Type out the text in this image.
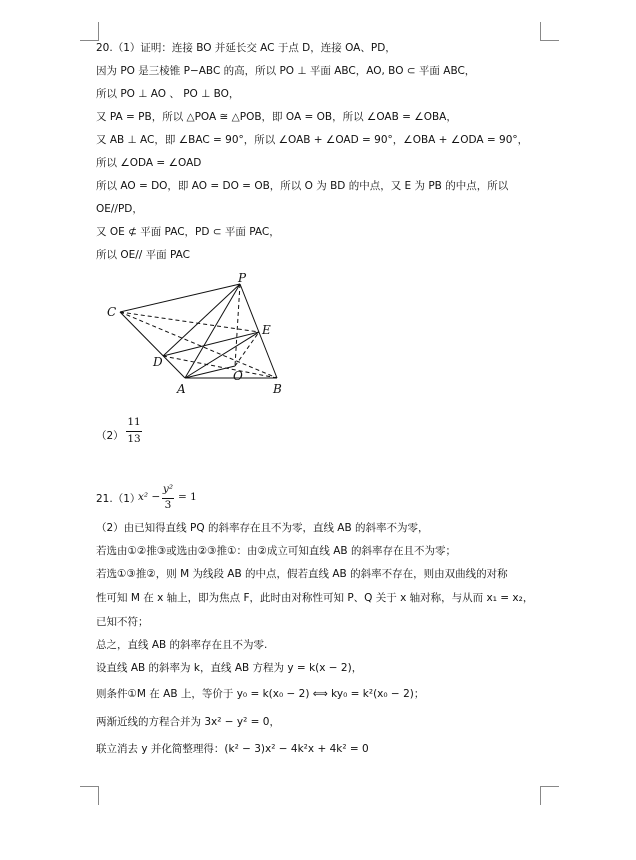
20.（1）证明：连接 BO 并延长交 AC 于点 D，连接 OA、PD，
因为 PO 是三棱锥 P−ABC 的高，所以 PO ⊥ 平面 ABC，AO, BO ⊂ 平面 ABC，
所以 PO ⊥ AO 、 PO ⊥ BO，
又 PA = PB，所以 △POA ≅ △POB，即 OA = OB，所以 ∠OAB = ∠OBA，
又 AB ⊥ AC，即 ∠BAC = 90°，所以 ∠OAB + ∠OAD = 90°，∠OBA + ∠ODA = 90°，
所以 ∠ODA = ∠OAD
所以 AO = DO，即 AO = DO = OB，所以 O 为 BD 的中点，又 E 为 PB 的中点，所以
OE//PD，
又 OE ⊄ 平面 PAC，PD ⊂ 平面 PAC，
所以 OE// 平面 PAC
P
C
E
D
O
A	B
（2）
11
13
21.（1）
x² −
y²
3
= 1
（2）由已知得直线 PQ 的斜率存在且不为零，直线 AB 的斜率不为零，
若选由①②推③或选由②③推①：由②成立可知直线 AB 的斜率存在且不为零；
若选①③推②，则 M 为线段 AB 的中点，假若直线 AB 的斜率不存在，则由双曲线的对称
性可知 M 在 x 轴上，即为焦点 F，此时由对称性可知 P、Q 关于 x 轴对称，与从而 x₁ = x₂，
已知不符；
总之，直线 AB 的斜率存在且不为零.
设直线 AB 的斜率为 k，直线 AB 方程为 y = k(x − 2)，
则条件①M 在 AB 上，等价于 y₀ = k(x₀ − 2) ⟺ ky₀ = k²(x₀ − 2)；
两渐近线的方程合并为 3x² − y² = 0，
联立消去 y 并化简整理得：(k² − 3)x² − 4k²x + 4k² = 0
